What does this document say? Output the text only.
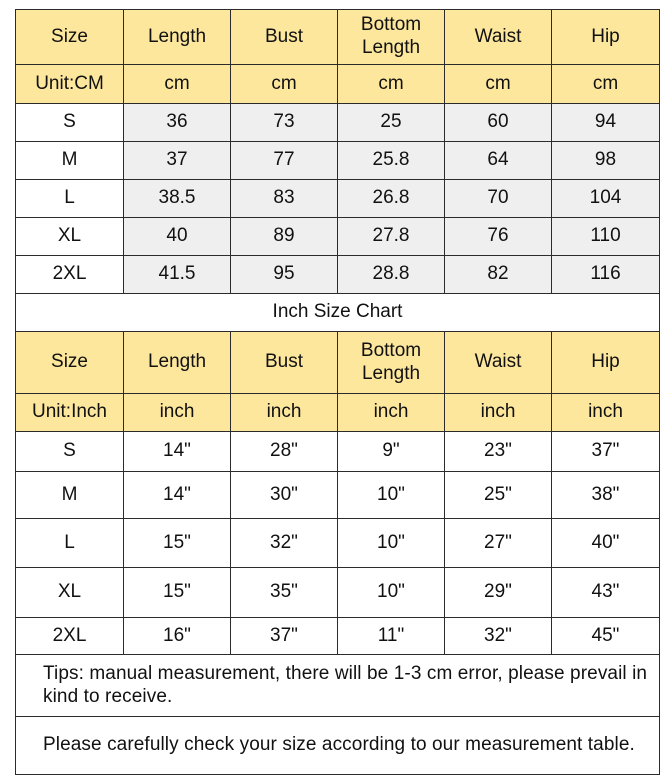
Size	Length	Bust	Bottom Length	Waist	Hip
Unit:CM	cm	cm	cm	cm	cm
S	36	73	25	60	94
M	37	77	25.8	64	98
L	38.5	83	26.8	70	104
XL	40	89	27.8	76	110
2XL	41.5	95	28.8	82	116
Inch Size Chart					
Size	Length	Bust	Bottom Length	Waist	Hip
Unit:Inch	inch	inch	inch	inch	inch
S	14"	28"	9"	23"	37"
M	14"	30"	10"	25"	38"
L	15"	32"	10"	27"	40"
XL	15"	35"	10"	29"	43"
2XL	16"	37"	11"	32"	45"
Tips: manual measurement, there will be 1-3 cm error, please prevail in kind to receive.					
Please carefully check your size according to our measurement table.					
